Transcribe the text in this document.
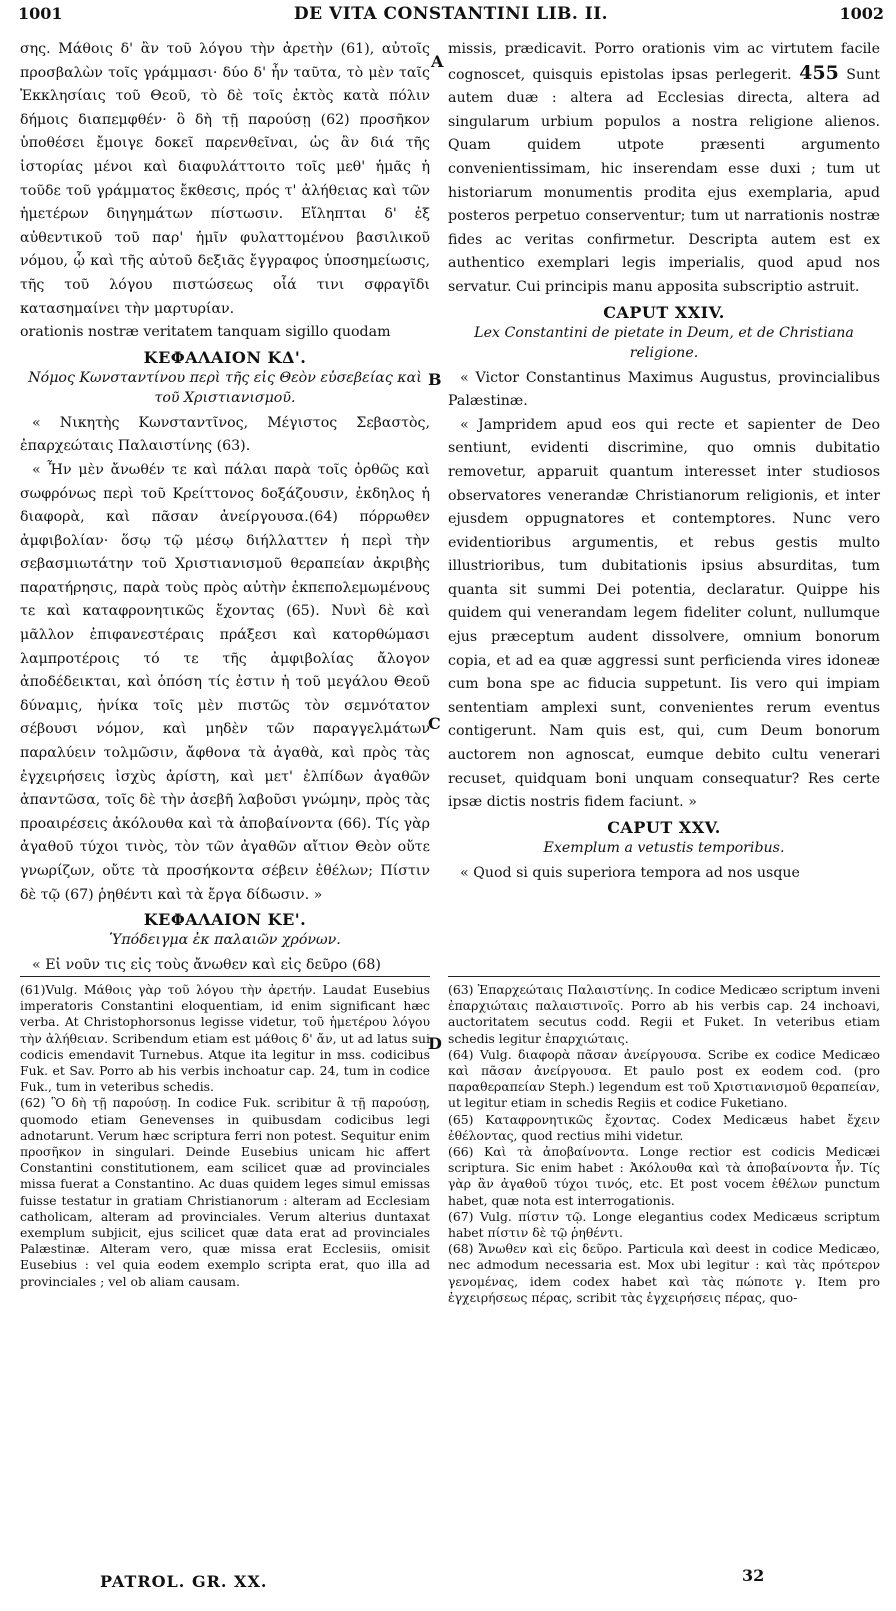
1001	DE VITA CONSTANTINI LIB. II.	1002
A
B
C
D

σης. Μάθοις δ' ἂν τοῦ λόγου τὴν ἀρετὴν (61), αὐτοῖς προσβαλὼν τοῖς γράμμασι· δύο δ' ἦν ταῦτα, τὸ μὲν ταῖς Ἐκκλησίαις τοῦ Θεοῦ, τὸ δὲ τοῖς ἐκτὸς κατὰ πόλιν δήμοις διαπεμφθέν· ὃ δὴ τῇ παρούσῃ (62) προσῆκον ὑποθέσει ἔμοιγε δοκεῖ παρενθεῖναι, ὡς ἂν διά τῆς ἱστορίας μένοι καὶ διαφυλάττοιτο τοῖς μεθ' ἡμᾶς ἡ τοῦδε τοῦ γράμματος ἔκθεσις, πρός τ' ἀλήθειας καὶ τῶν ἡμετέρων διηγημάτων πίστωσιν. Εἴληπται δ' ἐξ αὐθεντικοῦ τοῦ παρ' ἡμῖν φυλαττομένου βασιλικοῦ νόμου, ᾧ καὶ τῆς αὐτοῦ δεξιᾶς ἔγγραφος ὑποσημείωσις, τῆς τοῦ λόγου πιστώσεως οἷά τινι σφραγῖδι κατασημαίνει τὴν μαρτυρίαν.

orationis nostræ veritatem tanquam sigillo quodam

ΚΕΦΑΛΑΙΟΝ ΚΔ'.
Νόμος Κωνσταντίνου περὶ τῆς εἰς Θεὸν εὐσεβείας καὶ τοῦ Χριστιανισμοῦ.

« Νικητὴς Κωνσταντῖνος, Μέγιστος Σεβαστὸς, ἐπαρχεώταις Παλαιστίνης (63).

« Ἦν μὲν ἄνωθέν τε καὶ πάλαι παρὰ τοῖς ὀρθῶς καὶ σωφρόνως περὶ τοῦ Κρείττονος δοξάζουσιν, ἐκδηλος ἡ διαφορὰ, καὶ πᾶσαν ἀνείργουσα.(64) πόρρωθεν ἀμφιβολίαν· ὅσῳ τῷ μέσῳ διήλλαττεν ἡ περὶ τὴν σεβασμιωτάτην τοῦ Χριστιανισμοῦ θεραπείαν ἀκριβὴς παρατήρησις, παρὰ τοὺς πρὸς αὐτὴν ἐκπεπολεμωμένους τε καὶ καταφρονητικῶς ἔχοντας (65). Νυνὶ δὲ καὶ μᾶλλον ἐπιφανεστέραις πράξεσι καὶ κατορθώμασι λαμπροτέροις τό τε τῆς ἀμφιβολίας ἄλογον ἀποδέδεικται, καὶ ὁπόση τίς ἐστιν ἡ τοῦ μεγάλου Θεοῦ δύναμις, ἡνίκα τοῖς μὲν πιστῶς τὸν σεμνότατον σέβουσι νόμον, καὶ μηδὲν τῶν παραγγελμάτων παραλύειν τολμῶσιν, ἄφθονα τὰ ἀγαθὰ, καὶ πρὸς τὰς ἐγχειρήσεις ἰσχὺς ἀρίστη, καὶ μετ' ἐλπίδων ἀγαθῶν ἀπαντῶσα, τοῖς δὲ τὴν ἀσεβῆ λαβοῦσι γνώμην, πρὸς τὰς προαιρέσεις ἀκόλουθα καὶ τὰ ἀποβαίνοντα (66). Τίς γὰρ ἀγαθοῦ τύχοι τινὸς, τὸν τῶν ἀγαθῶν αἴτιον Θεὸν οὔτε γνωρίζων, οὔτε τὰ προσήκοντα σέβειν ἐθέλων; Πίστιν δὲ τῷ (67) ῥηθέντι καὶ τὰ ἔργα δίδωσιν. »

ΚΕΦΑΛΑΙΟΝ ΚΕ'.
Ὑπόδειγμα ἐκ παλαιῶν χρόνων.

« Εἰ νοῦν τις εἰς τοὺς ἄνωθεν καὶ εἰς δεῦρο (68)

missis, prædicavit. Porro orationis vim ac virtutem facile cognoscet, quisquis epistolas ipsas perlegerit. 455 Sunt autem duæ : altera ad Ecclesias directa, altera ad singularum urbium populos a nostra religione alienos. Quam quidem utpote præsenti argumento convenientissimam, hic inserendam esse duxi ; tum ut historiarum monumentis prodita ejus exemplaria, apud posteros perpetuo conserventur; tum ut narrationis nostræ fides ac veritas confirmetur. Descripta autem est ex authentico exemplari legis imperialis, quod apud nos servatur. Cui principis manu apposita subscriptio astruit.

CAPUT XXIV.
Lex Constantini de pietate in Deum, et de Christiana religione.

« Victor Constantinus Maximus Augustus, provincialibus Palæstinæ.

« Jampridem apud eos qui recte et sapienter de Deo sentiunt, evidenti discrimine, quo omnis dubitatio removetur, apparuit quantum interesset inter studiosos observatores venerandæ Christianorum religionis, et inter ejusdem oppugnatores et contemptores. Nunc vero evidentioribus argumentis, et rebus gestis multo illustrioribus, tum dubitationis ipsius absurditas, tum quanta sit summi Dei potentia, declaratur. Quippe his quidem qui venerandam legem fideliter colunt, nullumque ejus præceptum audent dissolvere, omnium bonorum copia, et ad ea quæ aggressi sunt perficienda vires idoneæ cum bona spe ac fiducia suppetunt. Iis vero qui impiam sententiam amplexi sunt, convenientes rerum eventus contigerunt. Nam quis est, qui, cum Deum bonorum auctorem non agnoscat, eumque debito cultu venerari recuset, quidquam boni unquam consequatur? Res certe ipsæ dictis nostris fidem faciunt. »

CAPUT XXV.
Exemplum a vetustis temporibus.

« Quod si quis superiora tempora ad nos usque

(61)Vulg. Μάθοις γὰρ τοῦ λόγου τὴν ἀρετήν. Laudat Eusebius imperatoris Constantini eloquentiam, id enim significant hæc verba. At Christophorsonus legisse videtur, τοῦ ἡμετέρου λόγου τὴν ἀλήθειαν. Scribendum etiam est μάθοις δ' ἄν, ut ad latus sui codicis emendavit Turnebus. Atque ita legitur in mss. codicibus Fuk. et Sav. Porro ab his verbis inchoatur cap. 24, tum in codice Fuk., tum in veteribus schedis.

(62) Ὃ δὴ τῇ παρούσῃ. In codice Fuk. scribitur ἃ τῇ παρούσῃ, quomodo etiam Genevenses in quibusdam codicibus legi adnotarunt. Verum hæc scriptura ferri non potest. Sequitur enim προσῆκον in singulari. Deinde Eusebius unicam hic affert Constantini constitutionem, eam scilicet quæ ad provinciales missa fuerat a Constantino. Ac duas quidem leges simul emissas fuisse testatur in gratiam Christianorum : alteram ad Ecclesiam catholicam, alteram ad provinciales. Verum alterius duntaxat exemplum subjicit, ejus scilicet quæ data erat ad provinciales Palæstinæ. Alteram vero, quæ missa erat Ecclesiis, omisit Eusebius : vel quia eodem exemplo scripta erat, quo illa ad provinciales ; vel ob aliam causam.

(63) Ἐπαρχεώταις Παλαιστίνης. In codice Medicæo scriptum inveni ἐπαρχιώταις παλαιστινοῖς. Porro ab his verbis cap. 24 inchoavi, auctoritatem secutus codd. Regii et Fuket. In veteribus etiam schedis legitur ἐπαρχιώταις.

(64) Vulg. διαφορὰ πᾶσαν ἀνείργουσα. Scribe ex codice Medicæo καὶ πᾶσαν ἀνείργουσα. Et paulo post ex eodem cod. (pro παραθεραπείαν Steph.) legendum est τοῦ Χριστιανισμοῦ θεραπείαν, ut legitur etiam in schedis Regiis et codice Fuketiano.

(65) Καταφρονητικῶς ἔχοντας. Codex Medicæus habet ἔχειν ἐθέλοντας, quod rectius mihi videtur.

(66) Καὶ τὰ ἀποβαίνοντα. Longe rectior est codicis Medicæi scriptura. Sic enim habet : Ἀκόλουθα καὶ τὰ ἀποβαίνοντα ἦν. Τίς γὰρ ἂν ἀγαθοῦ τύχοι τινός, etc. Et post vocem ἐθέλων punctum habet, quæ nota est interrogationis.

(67) Vulg. πίστιν τῷ. Longe elegantius codex Medicæus scriptum habet πίστιν δὲ τῷ ῥηθέντι.

(68) Ἄνωθεν καὶ εἰς δεῦρο. Particula καὶ deest in codice Medicæo, nec admodum necessaria est. Mox ubi legitur : καὶ τὰς πρότερον γενομένας, idem codex habet καὶ τὰς πώποτε γ. Item pro ἐγχειρήσεως πέρας, scribit τὰς ἐγχειρήσεις πέρας, quo-

PATROL. GR. XX.	32
